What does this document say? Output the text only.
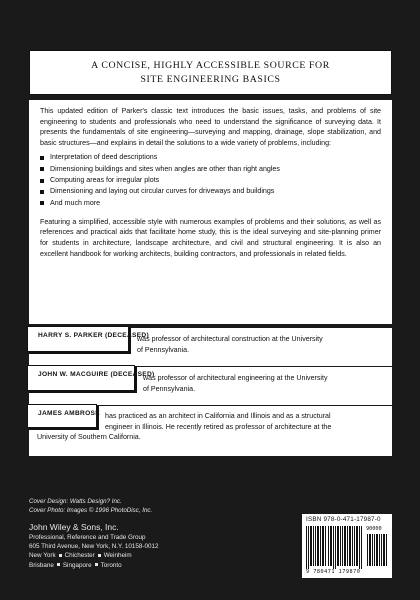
A CONCISE, HIGHLY ACCESSIBLE SOURCE FOR
SITE ENGINEERING BASICS

This updated edition of Parker's classic text introduces the basic issues, tasks, and problems of site engineering to students and professionals who need to understand the significance of surveying data. It presents the fundamentals of site engineering—surveying and mapping, drainage, slope stabilization, and basic structures—and explains in detail the solutions to a wide variety of problems, including:

Interpretation of deed descriptions
Dimensioning buildings and sites when angles are other than right angles
Computing areas for irregular plots
Dimensioning and laying out circular curves for driveways and buildings
And much more

Featuring a simplified, accessible style with numerous examples of problems and their solutions, as well as references and practical aids that facilitate home study, this is the ideal surveying and site-planning primer for students in architecture, landscape architecture, and civil and structural engineering. It is also an excellent handbook for working architects, building contractors, and professionals in related fields.

HARRY S. PARKER (DECEASED)
was professor of architectural construction at the University
of Pennsylvania.
JOHN W. MACGUIRE (DECEASED)
was professor of architectural engineering at the University
of Pennsylvania.
JAMES AMBROSE has practiced as an architect in California and Illinois and as a structural
engineer in Illinois. He recently retired as professor of architecture at the
University of Southern California.
Cover Design: Watts Design? Inc.
Cover Photo: Images © 1996 PhotoDisc, Inc.
John Wiley & Sons, Inc.
Professional, Reference and Trade Group
605 Third Avenue, New York, N.Y. 10158-0012
New York Chichester Weinheim
Brisbane Singapore Toronto
ISBN 978-0-471-17987-0
90000
9 780471 179870
